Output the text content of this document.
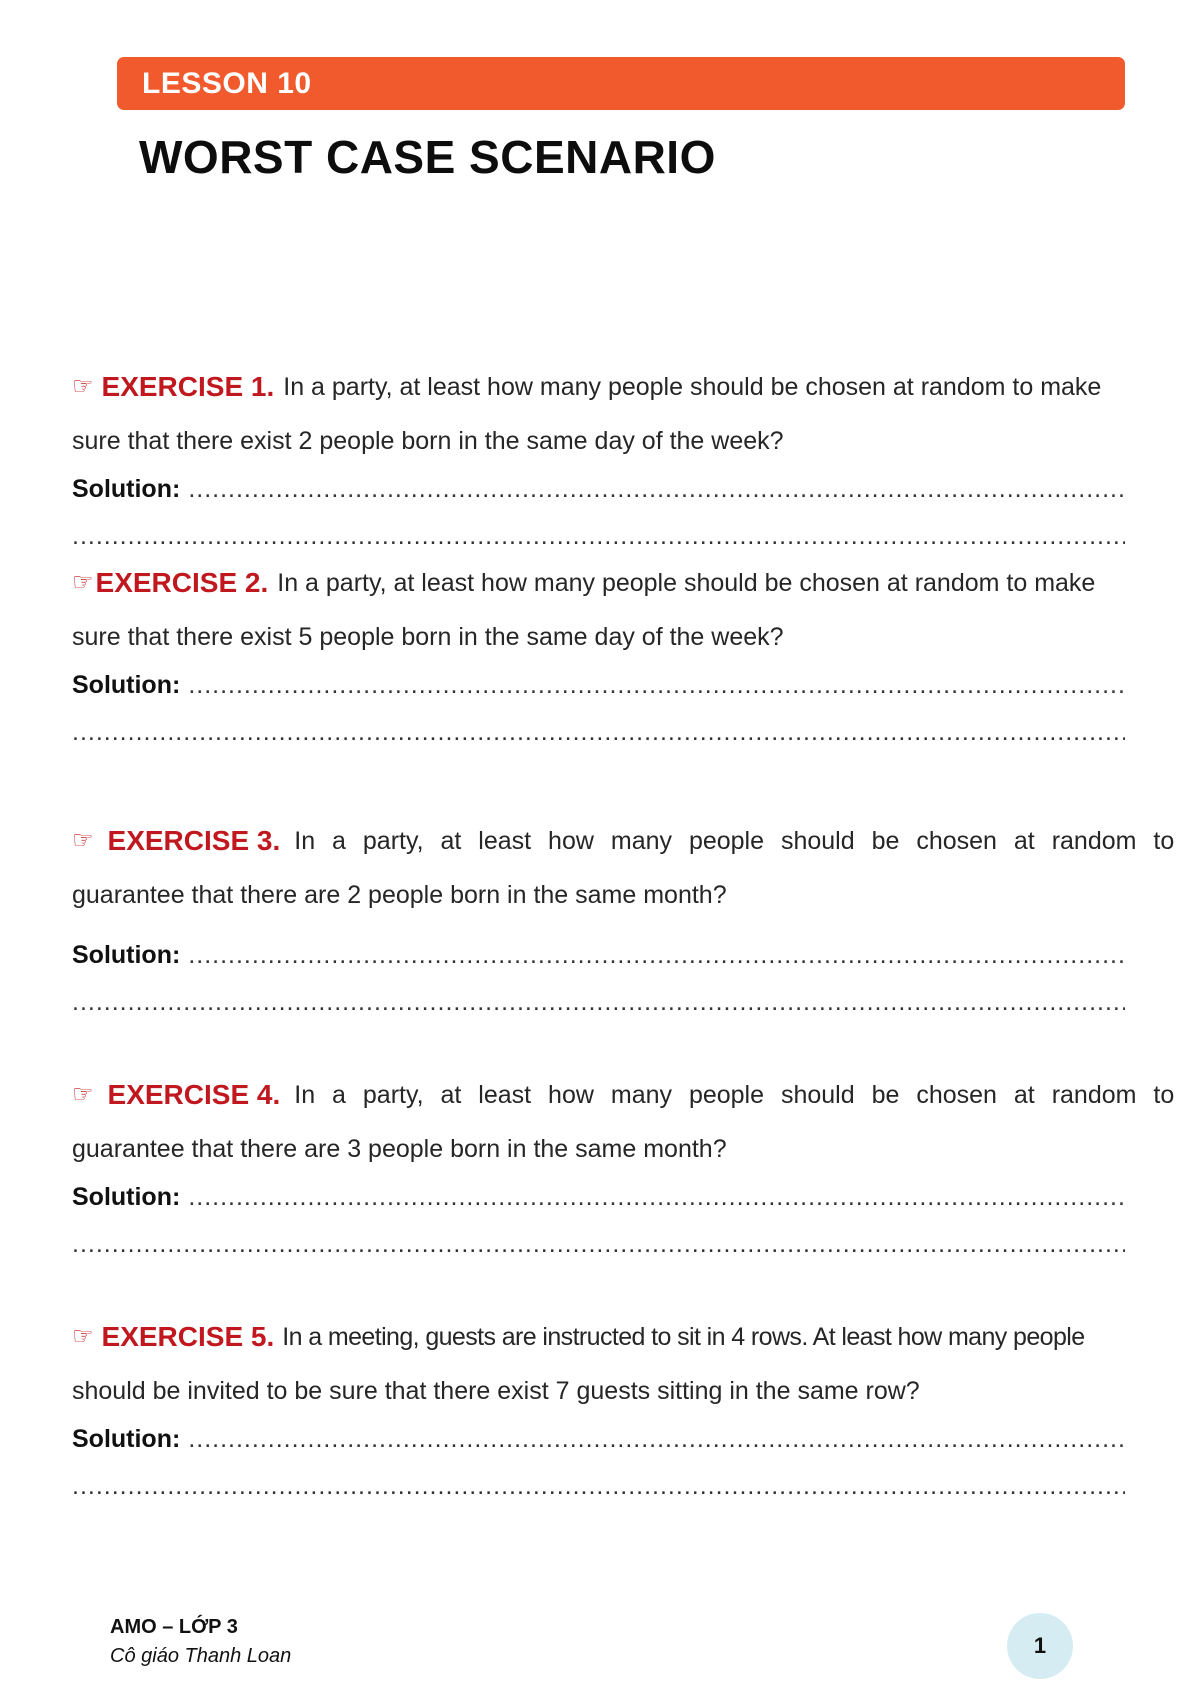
LESSON 10
WORST CASE SCENARIO
☞ EXERCISE 1. In a party, at least how many people should be chosen at random to make
sure that there exist 2 people born in the same day of the week?
Solution:
.....
.....
☞ EXERCISE 2. In a party, at least how many people should be chosen at random to make
sure that there exist 5 people born in the same day of the week?
Solution:
.....
.....
☞ EXERCISE 3. In a party, at least how many people should be chosen at random to
guarantee that there are 2 people born in the same month?
Solution:
.....
.....
☞ EXERCISE 4. In a party, at least how many people should be chosen at random to
guarantee that there are 3 people born in the same month?
Solution:
.....
.....
☞ EXERCISE 5. In a meeting, guests are instructed to sit in 4 rows. At least how many people
should be invited to be sure that there exist 7 guests sitting in the same row?
Solution:
.....
.....
AMO – LỚP 3
Cô giáo Thanh Loan	1
